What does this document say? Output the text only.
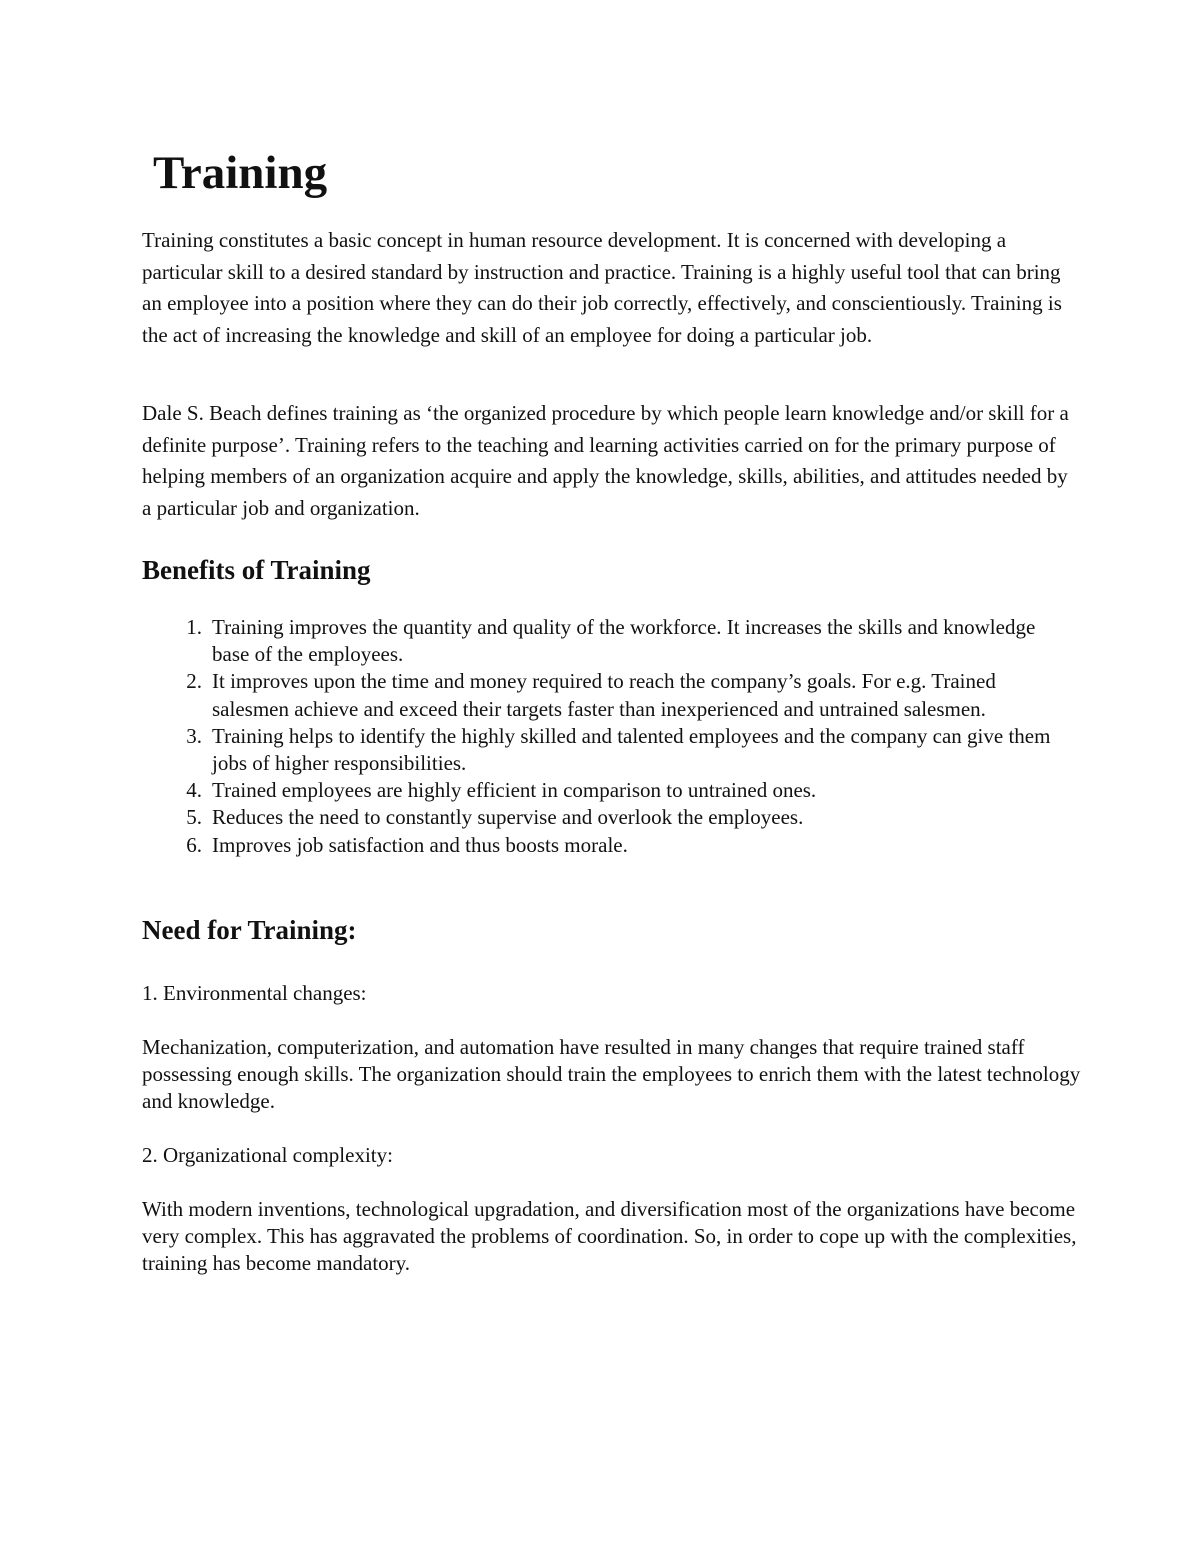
Training

Training constitutes a basic concept in human resource development. It is concerned with developing a particular skill to a desired standard by instruction and practice. Training is a highly useful tool that can bring an employee into a position where they can do their job correctly, effectively, and conscientiously. Training is the act of increasing the knowledge and skill of an employee for doing a particular job.

Dale S. Beach defines training as ‘the organized procedure by which people learn knowledge and/or skill for a definite purpose’. Training refers to the teaching and learning activities carried on for the primary purpose of helping members of an organization acquire and apply the knowledge, skills, abilities, and attitudes needed by a particular job and organization.

Benefits of Training
1. Training improves the quantity and quality of the workforce. It increases the skills and knowledge base of the employees.
2. It improves upon the time and money required to reach the company’s goals. For e.g. Trained salesmen achieve and exceed their targets faster than inexperienced and untrained salesmen.
3. Training helps to identify the highly skilled and talented employees and the company can give them jobs of higher responsibilities.
4. Trained employees are highly efficient in comparison to untrained ones.
5. Reduces the need to constantly supervise and overlook the employees.
6. Improves job satisfaction and thus boosts morale.
Need for Training:

1. Environmental changes:

Mechanization, computerization, and automation have resulted in many changes that require trained staff possessing enough skills. The organization should train the employees to enrich them with the latest technology and knowledge.

2. Organizational complexity:

With modern inventions, technological upgradation, and diversification most of the organizations have become very complex. This has aggravated the problems of coordination. So, in order to cope up with the complexities, training has become mandatory.
